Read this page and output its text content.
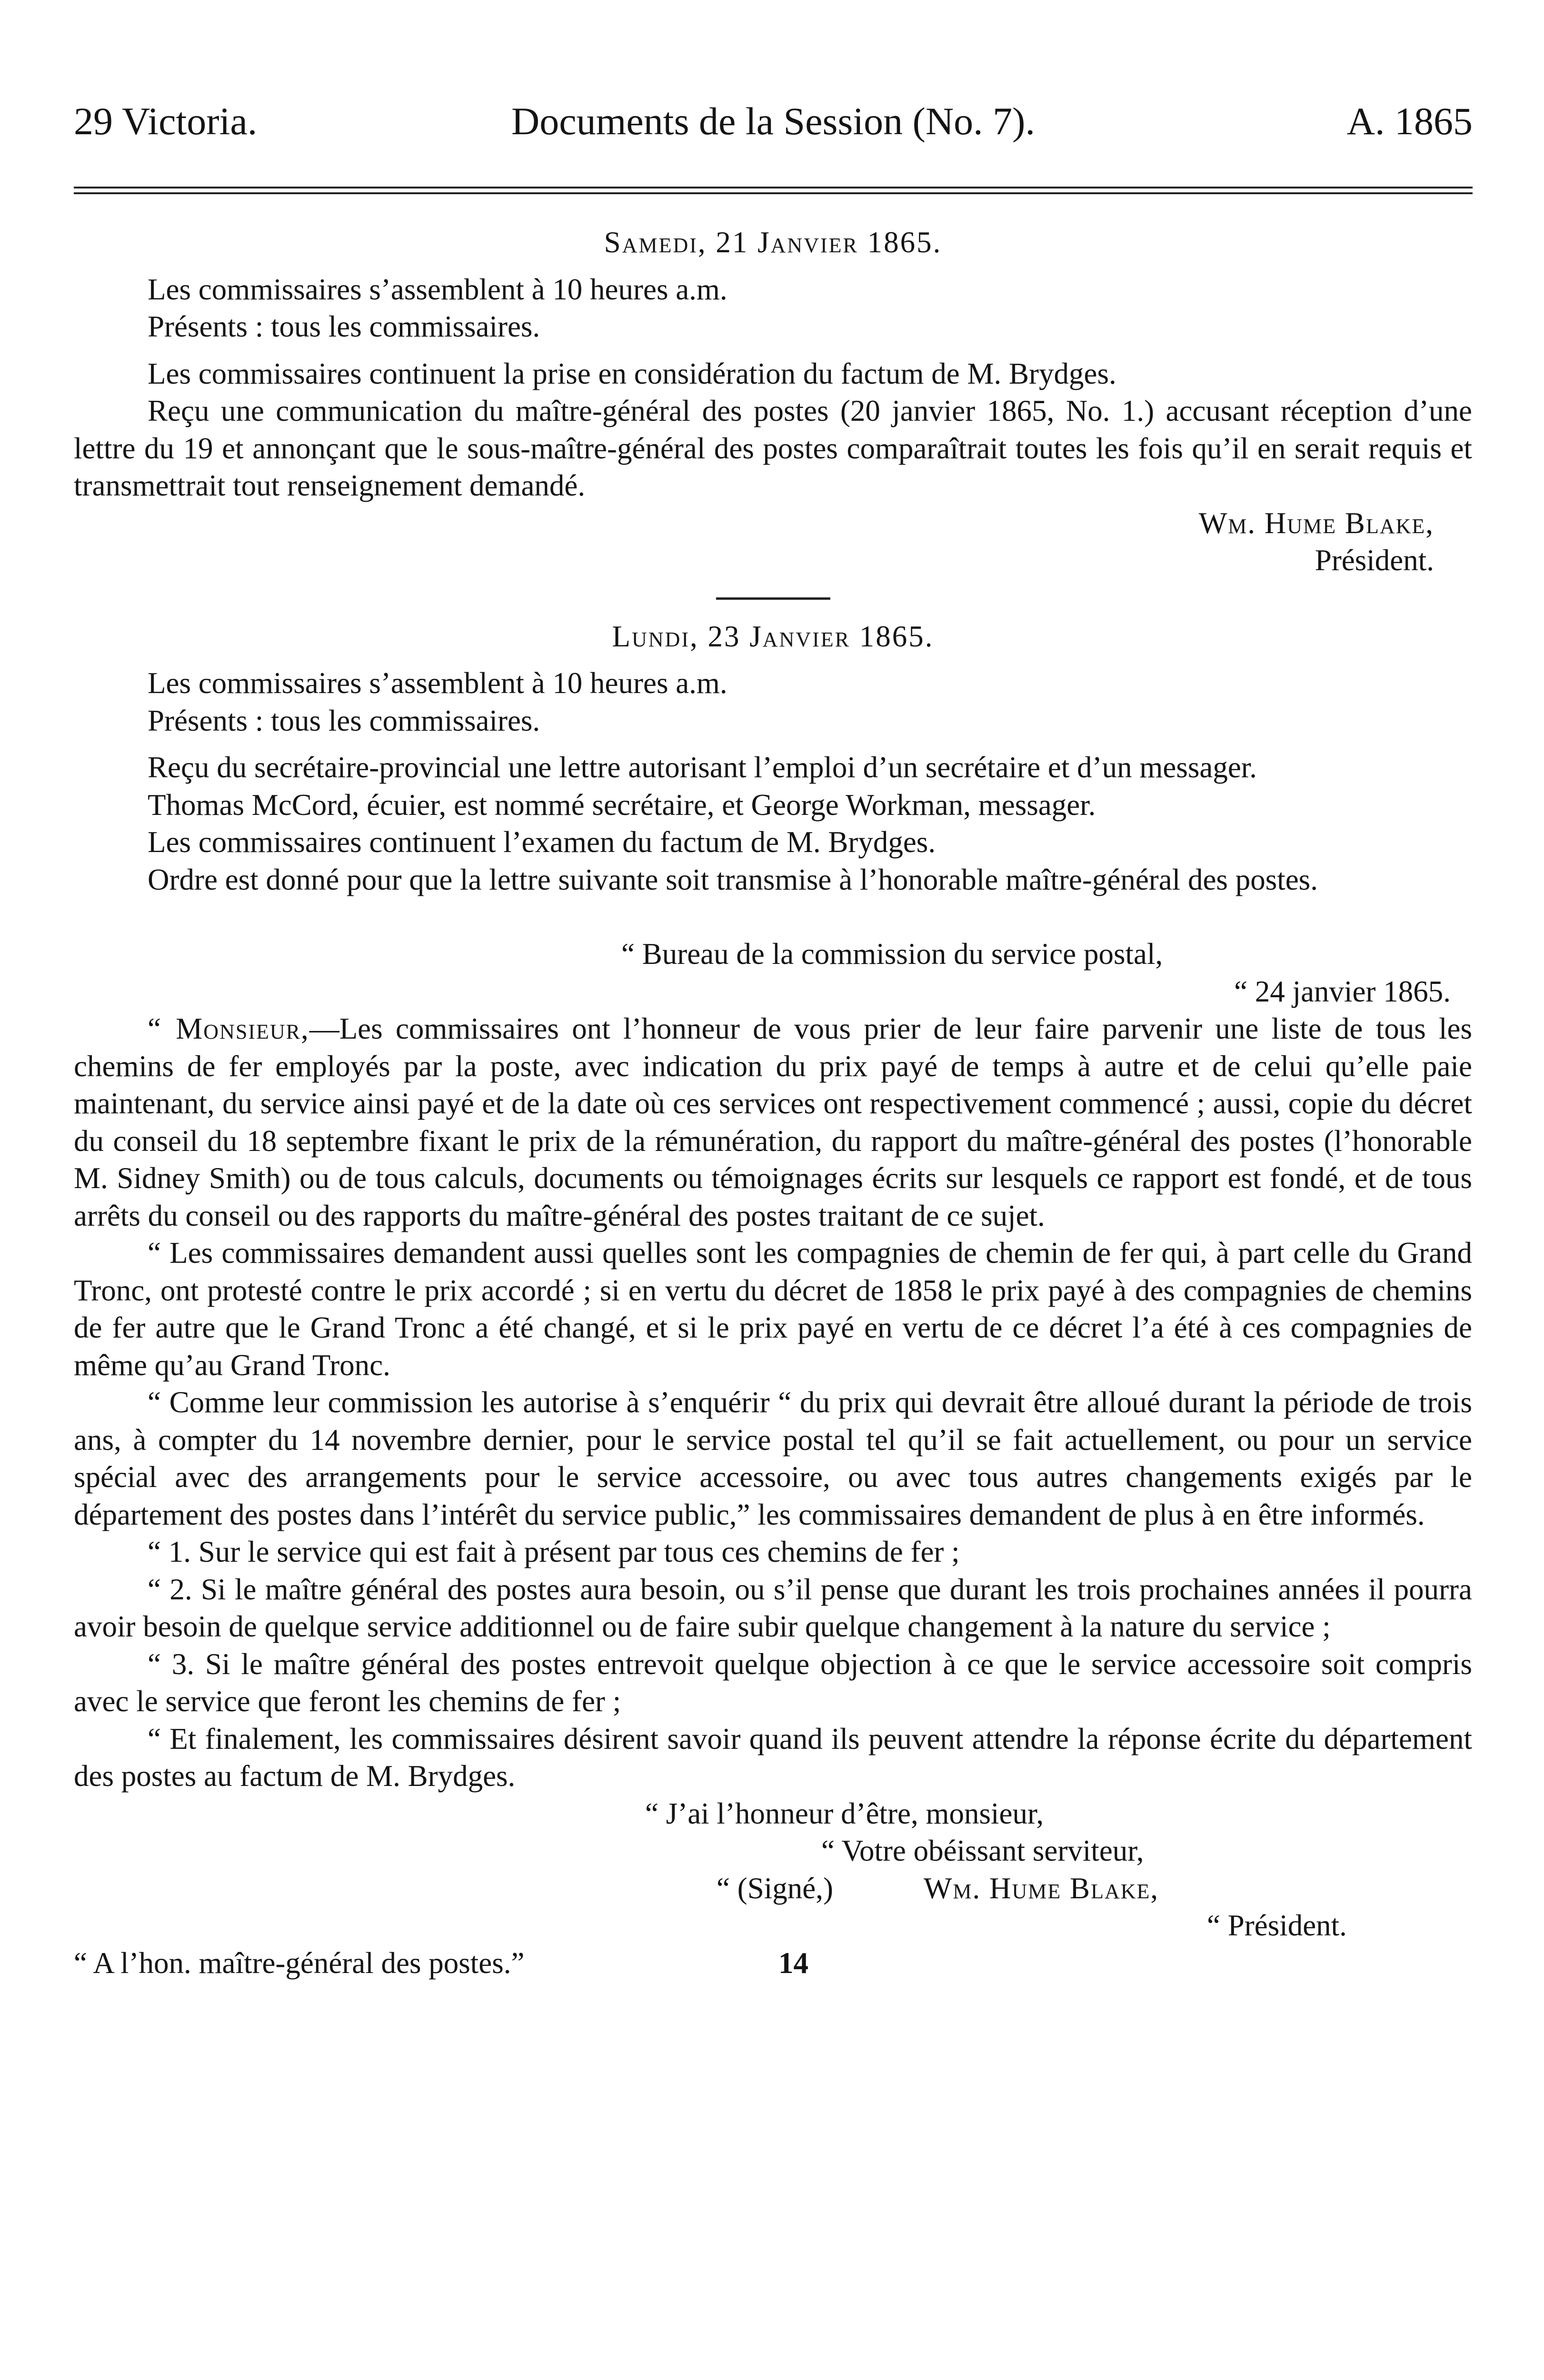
29 Victoria.	Documents de la Session (No. 7).	A. 1865

Samedi, 21 Janvier 1865.

Les commissaires s’assemblent à 10 heures a.m.

Présents : tous les commissaires.

Les commissaires continuent la prise en considération du factum de M. Brydges.

Reçu une communication du maître-général des postes (20 janvier 1865, No. 1.) accusant réception d’une lettre du 19 et annonçant que le sous-maître-général des postes comparaîtrait toutes les fois qu’il en serait requis et transmettrait tout renseignement demandé.

Wm. Hume Blake,

Président.

Lundi, 23 Janvier 1865.

Les commissaires s’assemblent à 10 heures a.m.

Présents : tous les commissaires.

Reçu du secrétaire-provincial une lettre autorisant l’emploi d’un secrétaire et d’un messager.

Thomas McCord, écuier, est nommé secrétaire, et George Workman, messager.

Les commissaires continuent l’examen du factum de M. Brydges.

Ordre est donné pour que la lettre suivante soit transmise à l’honorable maître-général des postes.

“ Bureau de la commission du service postal,

“ 24 janvier 1865.

“ Monsieur,—Les commissaires ont l’honneur de vous prier de leur faire parvenir une liste de tous les chemins de fer employés par la poste, avec indication du prix payé de temps à autre et de celui qu’elle paie maintenant, du service ainsi payé et de la date où ces services ont respectivement commencé ; aussi, copie du décret du conseil du 18 septembre fixant le prix de la rémunération, du rapport du maître-général des postes (l’honorable M. Sidney Smith) ou de tous calculs, documents ou témoignages écrits sur lesquels ce rapport est fondé, et de tous arrêts du conseil ou des rapports du maître-général des postes traitant de ce sujet.

“ Les commissaires demandent aussi quelles sont les compagnies de chemin de fer qui, à part celle du Grand Tronc, ont protesté contre le prix accordé ; si en vertu du décret de 1858 le prix payé à des compagnies de chemins de fer autre que le Grand Tronc a été changé, et si le prix payé en vertu de ce décret l’a été à ces compagnies de même qu’au Grand Tronc.

“ Comme leur commission les autorise à s’enquérir “ du prix qui devrait être alloué durant la période de trois ans, à compter du 14 novembre dernier, pour le service postal tel qu’il se fait actuellement, ou pour un service spécial avec des arrangements pour le service accessoire, ou avec tous autres changements exigés par le département des postes dans l’intérêt du service public,” les commissaires demandent de plus à en être informés.

“ 1. Sur le service qui est fait à présent par tous ces chemins de fer ;

“ 2. Si le maître général des postes aura besoin, ou s’il pense que durant les trois prochaines années il pourra avoir besoin de quelque service additionnel ou de faire subir quelque changement à la nature du service ;

“ 3. Si le maître général des postes entrevoit quelque objection à ce que le service accessoire soit compris avec le service que feront les chemins de fer ;

“ Et finalement, les commissaires désirent savoir quand ils peuvent attendre la réponse écrite du département des postes au factum de M. Brydges.

“ J’ai l’honneur d’être, monsieur,

“ Votre obéissant serviteur,

“ (Signé,)	Wm. Hume Blake,

“ Président.

“ A l’hon. maître-général des postes.”	14
